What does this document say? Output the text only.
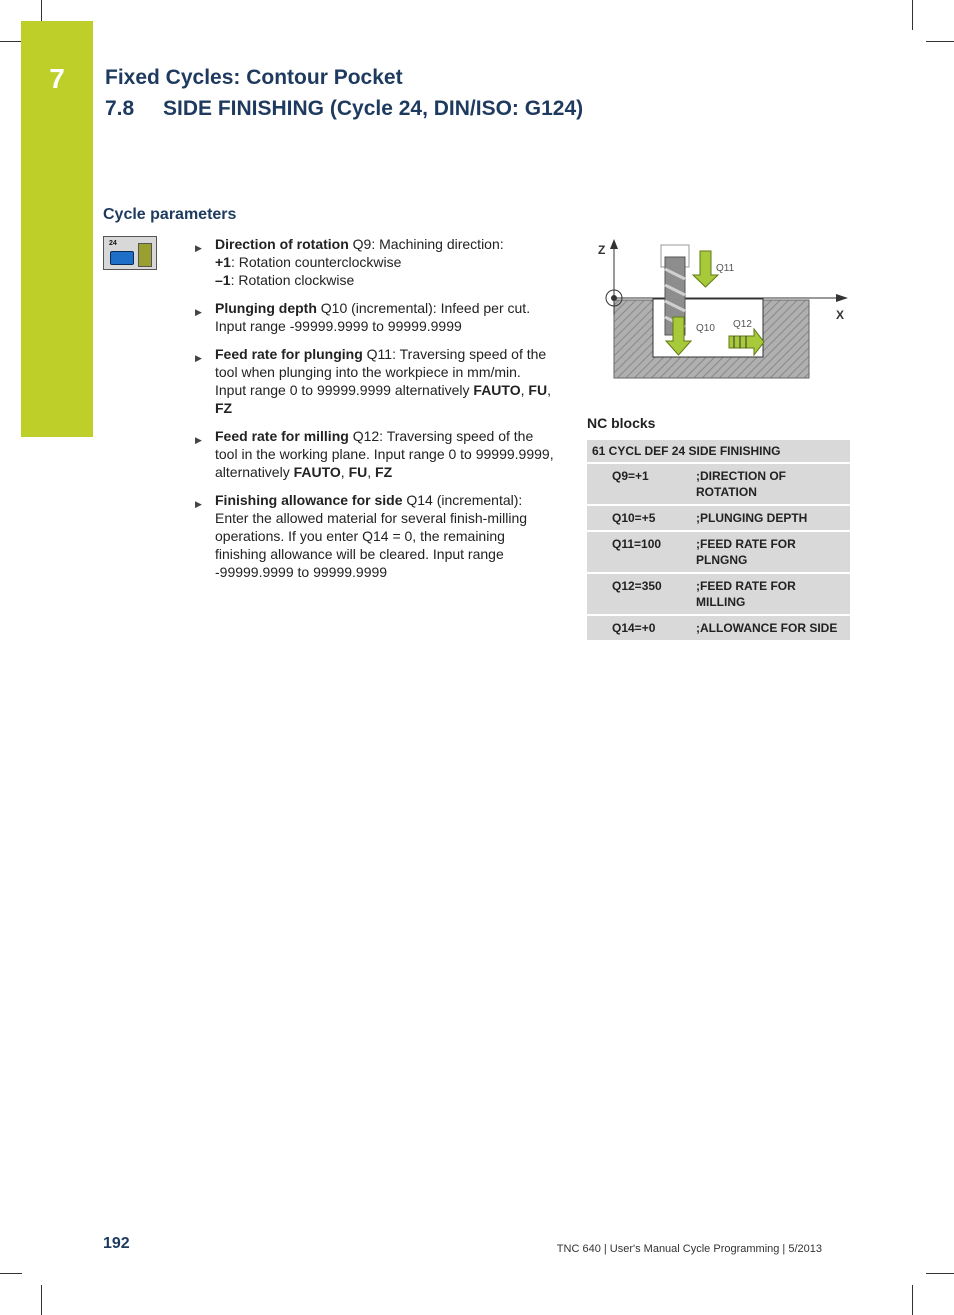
7	Fixed Cycles: Contour Pocket
7.8 SIDE FINISHING (Cycle 24, DIN/ISO: G124)
Cycle parameters
24	▶ Direction of rotation Q9: Machining direction:
+1: Rotation counterclockwise
–1: Rotation clockwise
▶ Plunging depth Q10 (incremental): Infeed per cut. Input range -99999.9999 to 99999.9999
▶ Feed rate for plunging Q11: Traversing speed of the tool when plunging into the workpiece in mm/min. Input range 0 to 99999.9999 alternatively FAUTO, FU, FZ
▶ Feed rate for milling Q12: Traversing speed of the tool in the working plane. Input range 0 to 99999.9999, alternatively FAUTO, FU, FZ
▶ Finishing allowance for side Q14 (incremental): Enter the allowed material for several finish-milling operations. If you enter Q14 = 0, the remaining finishing allowance will be cleared. Input range -99999.9999 to 99999.9999
Z
X
Q11
Q10 Q12
NC blocks
61 CYCL DEF 24 SIDE FINISHING	
Q9=+1	;DIRECTION OF ROTATION
Q10=+5	;PLUNGING DEPTH
Q11=100	;FEED RATE FOR PLNGNG
Q12=350	;FEED RATE FOR MILLING
Q14=+0	;ALLOWANCE FOR SIDE
192	TNC 640 | User's Manual Cycle Programming | 5/2013
